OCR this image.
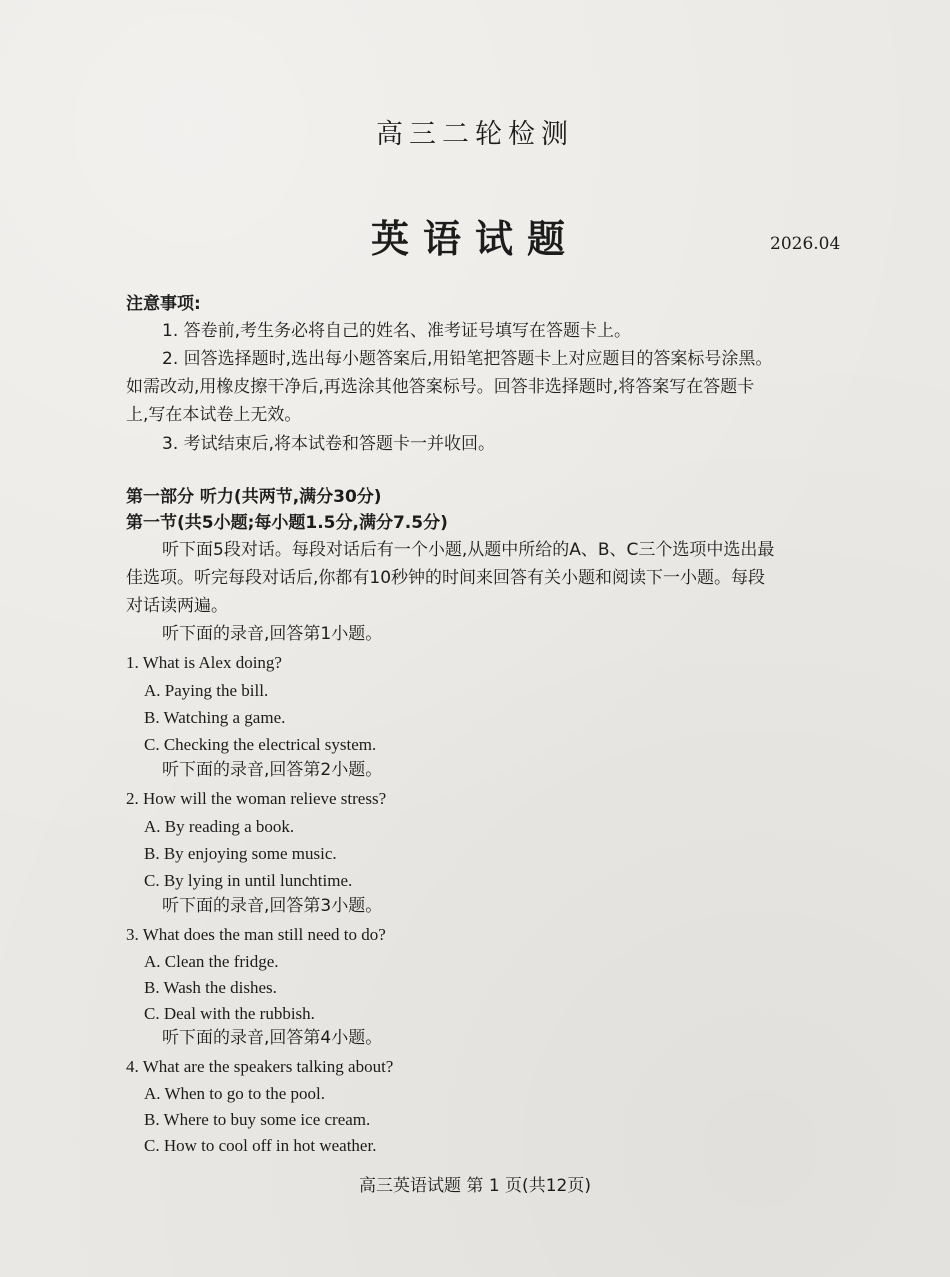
高三二轮检测
英语试题	2026.04
注意事项:
1. 答卷前,考生务必将自己的姓名、准考证号填写在答题卡上。
2. 回答选择题时,选出每小题答案后,用铅笔把答题卡上对应题目的答案标号涂黑。
如需改动,用橡皮擦干净后,再选涂其他答案标号。回答非选择题时,将答案写在答题卡
上,写在本试卷上无效。
3. 考试结束后,将本试卷和答题卡一并收回。
第一部分 听力(共两节,满分30分)
第一节(共5小题;每小题1.5分,满分7.5分)
听下面5段对话。每段对话后有一个小题,从题中所给的A、B、C三个选项中选出最
佳选项。听完每段对话后,你都有10秒钟的时间来回答有关小题和阅读下一小题。每段
对话读两遍。
听下面的录音,回答第1小题。
1. What is Alex doing?
A. Paying the bill.
B. Watching a game.
C. Checking the electrical system.
听下面的录音,回答第2小题。
2. How will the woman relieve stress?
A. By reading a book.
B. By enjoying some music.
C. By lying in until lunchtime.
听下面的录音,回答第3小题。
3. What does the man still need to do?
A. Clean the fridge.
B. Wash the dishes.
C. Deal with the rubbish.
听下面的录音,回答第4小题。
4. What are the speakers talking about?
A. When to go to the pool.
B. Where to buy some ice cream.
C. How to cool off in hot weather.
高三英语试题 第 1 页(共12页)
